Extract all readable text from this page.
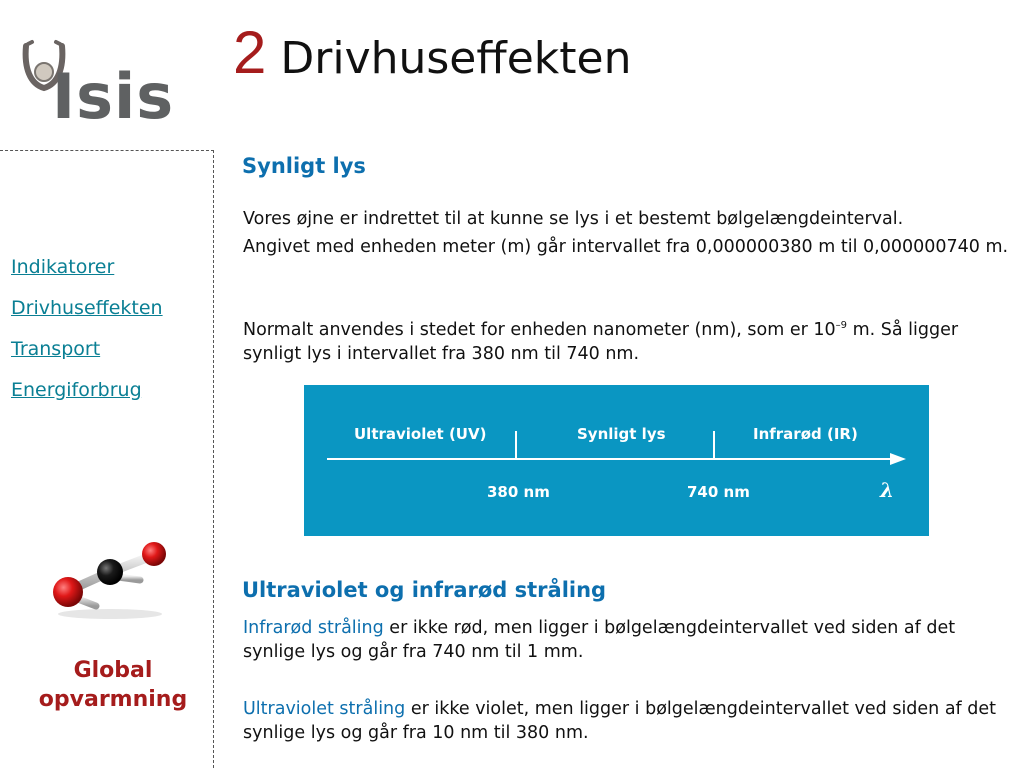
Isis
Indikatorer
Drivhuseffekten
Transport
Energiforbrug
Global opvarmning
2 Drivhuseffekten
Synligt lys
Vores øjne er indrettet til at kunne se lys i et bestemt bølgelængdeinterval.
Angivet med enheden meter (m) går intervallet fra 0,000000380 m til 0,000000740 m.
Normalt anvendes i stedet for enheden nanometer (nm), som er $10^{-9}$ m. Så ligger synligt lys i intervallet fra 380 nm til 740 nm.
Ultraviolet (UV)	Synligt lys	Infrarød (IR)
380 nm	740 nm	λ
Ultraviolet og infrarød stråling
Infrarød stråling er ikke rød, men ligger i bølgelængdeintervallet ved siden af det synlige lys og går fra 740 nm til 1 mm.
Ultraviolet stråling er ikke violet, men ligger i bølgelængdeintervallet ved siden af det synlige lys og går fra 10 nm til 380 nm.
